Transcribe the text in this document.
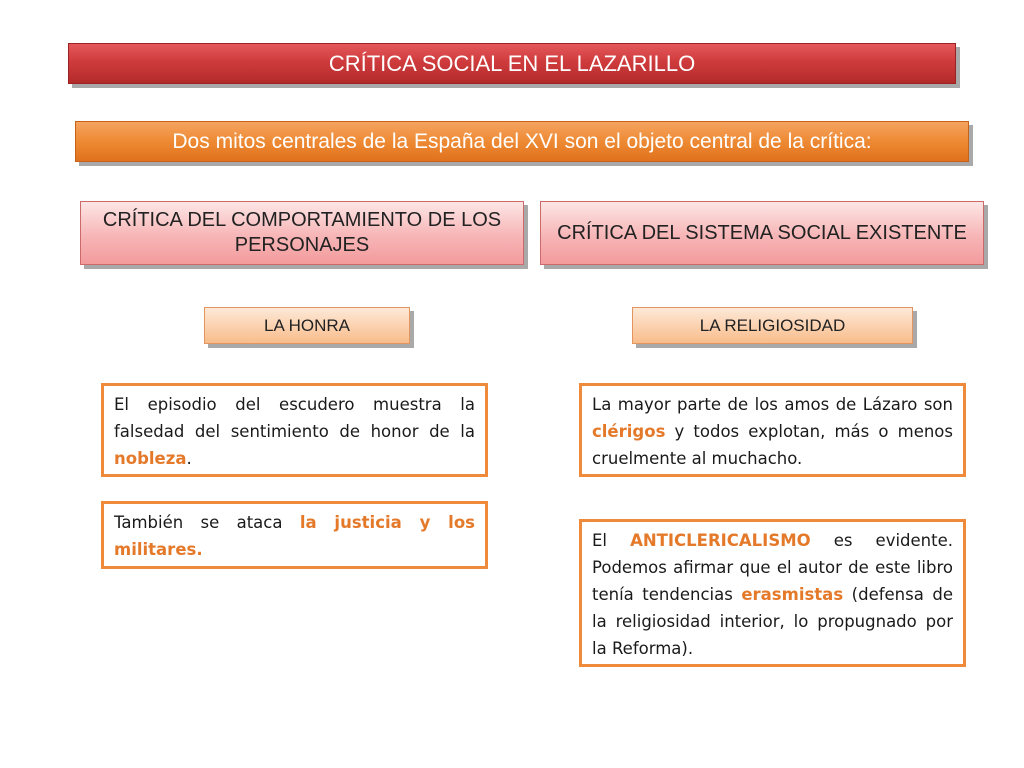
CRÍTICA SOCIAL EN EL LAZARILLO
Dos mitos centrales de la España del XVI son el objeto central de la crítica:
CRÍTICA DEL COMPORTAMIENTO DE LOS PERSONAJES
CRÍTICA DEL SISTEMA SOCIAL EXISTENTE
LA HONRA	LA RELIGIOSIDAD
El episodio del escudero muestra la falsedad del sentimiento de honor de la nobleza.
También se ataca la justicia y los militares.
La mayor parte de los amos de Lázaro son clérigos y todos explotan, más o menos cruelmente al muchacho.
El ANTICLERICALISMO es evidente. Podemos afirmar que el autor de este libro tenía tendencias erasmistas (defensa de la religiosidad interior, lo propugnado por la Reforma).
